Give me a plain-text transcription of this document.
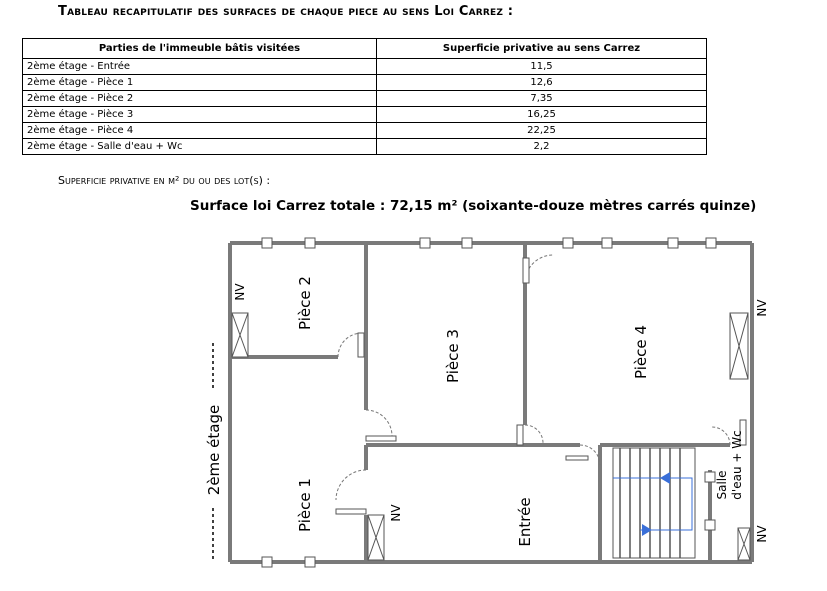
Tableau recapitulatif des surfaces de chaque piece au sens Loi Carrez :
Parties de l'immeuble bâtis visitées	Superficie privative au sens Carrez
2ème étage - Entrée	11,5
2ème étage - Pièce 1	12,6
2ème étage - Pièce 2	7,35
2ème étage - Pièce 3	16,25
2ème étage - Pièce 4	22,25
2ème étage - Salle d'eau + Wc	2,2
Superficie privative en m² du ou des lot(s) :
Surface loi Carrez totale : 72,15 m² (soixante-douze mètres carrés quinze)
Pièce 2
Pièce 3	Pièce 4
Pièce 1	Entrée
Salle d'eau + Wc
NV
NV
NV
NV
2ème étage
